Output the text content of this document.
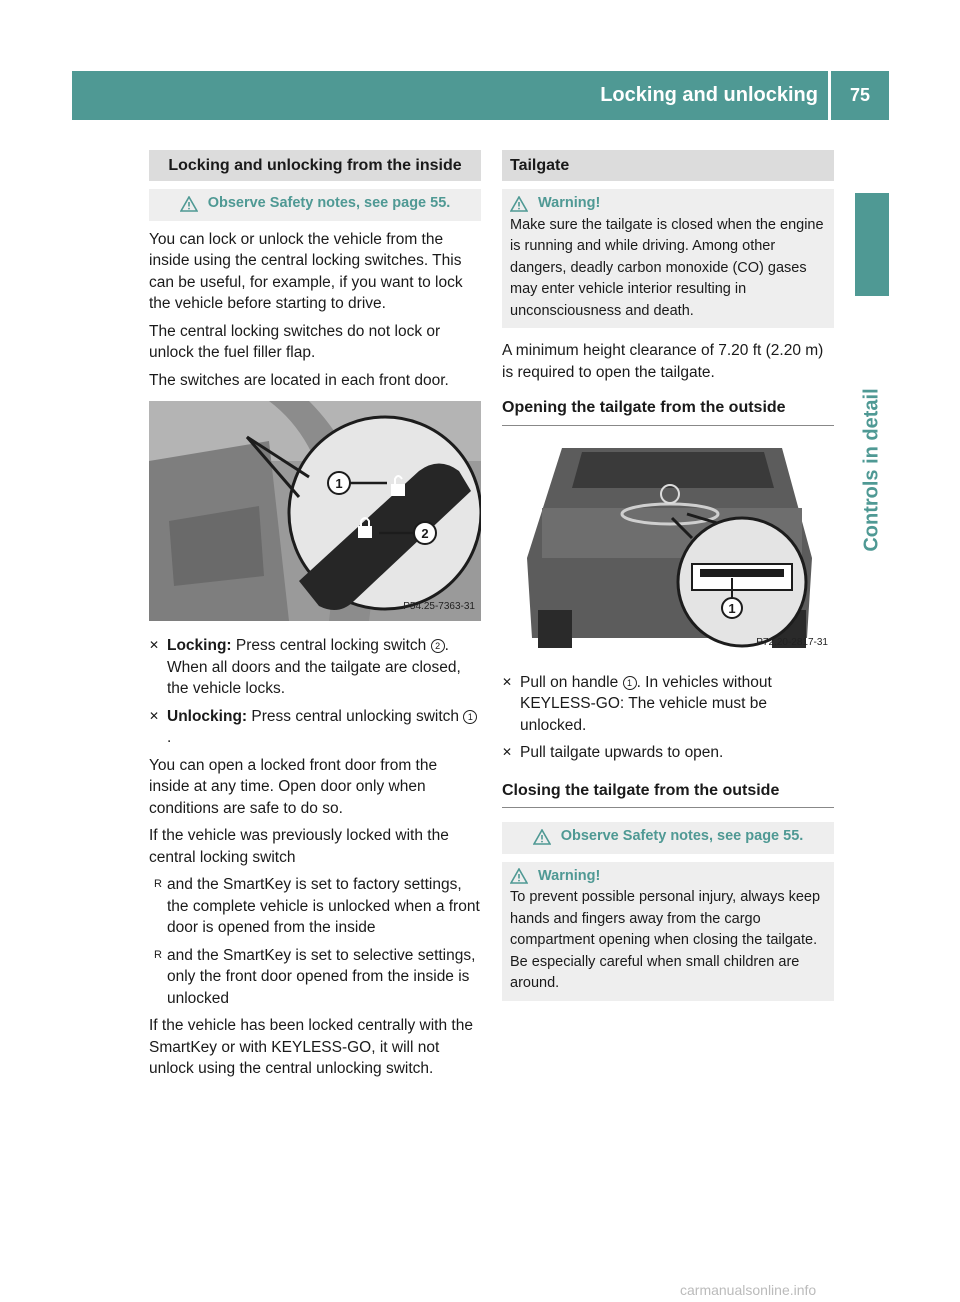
Locking and unlocking	75
Controls in detail
Locking and unlocking from the inside
Observe Safety notes, see page 55.

You can lock or unlock the vehicle from the inside using the central locking switches. This can be useful, for example, if you want to lock the vehicle before starting to drive.

The central locking switches do not lock or unlock the fuel filler flap.

The switches are located in each front door.

1
2
P54.25-7363-31
✕ Locking: Press central locking switch 2 . When all doors and the tailgate are closed, the vehicle locks.
✕ Unlocking: Press central unlocking switch 1.

You can open a locked front door from the inside at any time. Open door only when conditions are safe to do so.

If the vehicle was previously locked with the central locking switch

R and the SmartKey is set to factory settings, the complete vehicle is unlocked when a front door is opened from the inside
R and the SmartKey is set to selective settings, only the front door opened from the inside is unlocked

If the vehicle has been locked centrally with the SmartKey or with KEYLESS-GO, it will not unlock using the central unlocking switch.

Tailgate
Warning!
Make sure the tailgate is closed when the engine is running and while driving. Among other dangers, deadly carbon monoxide (CO) gases may enter vehicle interior resulting in unconsciousness and death.

A minimum height clearance of 7.20 ft (2.20 m) is required to open the tailgate.

Opening the tailgate from the outside
1
P72.20-2817-31
✕ Pull on handle 1 . In vehicles without KEYLESS-GO: The vehicle must be unlocked.
✕ Pull tailgate upwards to open.
Closing the tailgate from the outside
Observe Safety notes, see page 55.
Warning!
To prevent possible personal injury, always keep hands and fingers away from the cargo compartment opening when closing the tailgate. Be especially careful when small children are around.
carmanualsonline.info
